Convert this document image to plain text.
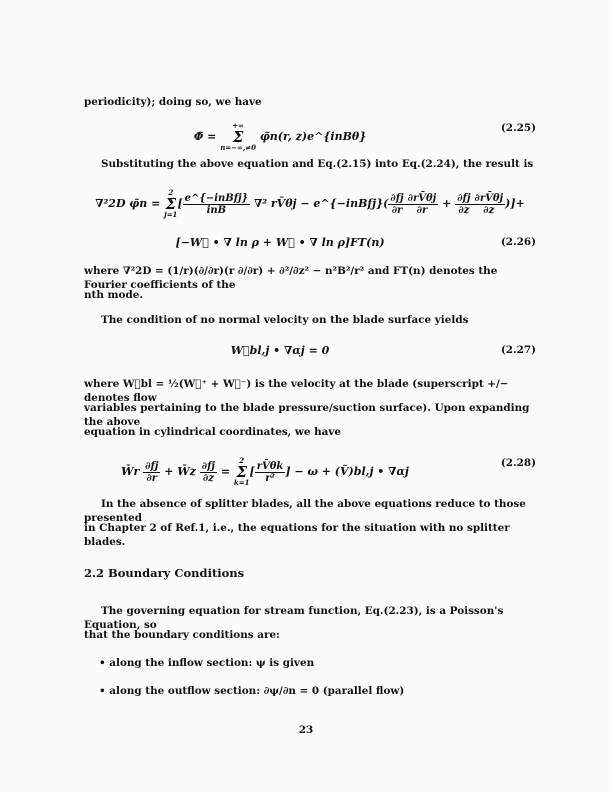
periodicity); doing so, we have

Φ̃ = +∞
Σ
n=−∞,≠0 φ̃n(r, z)e^{inBθ}
(2.25)

Substituting the above equation and Eq.(2.15) into Eq.(2.24), the result is

∇²2D φ̃n = 2
Σ
$j=1[ \frac{\text{e\textasciicircum{}\{−inBfj\}}}{\text{inB}} \nabla^2$ rV̄θj − e^{−inBfj}( $\frac{\partial fj}{\partial r} \frac{\partial rV̄\theta j}{\partial r} + \frac{\partial fj}{\partial z} \frac{\partial rV̄\theta j}{\partial z}$ )]+
[−W⃗ • ∇ ln ρ + W⃗ • ∇ ln ρ]FT(n)	(2.26)

where ∇²2D = (1/r)(∂/∂r)(r ∂/∂r) + ∂²/∂z² − n²B²/r² and FT(n) denotes the Fourier coefficients of the

nth mode.

The condition of no normal velocity on the blade surface yields

W⃗bl,j • ∇αj = 0	(2.27)

where W⃗bl = ½(W⃗⁺ + W⃗⁻) is the velocity at the blade (superscript +/− denotes flow

variables pertaining to the blade pressure/suction surface). Upon expanding the above

equation in cylindrical coordinates, we have

W̄r $\frac{\partial fj}{\partial r}$ + W̄z $\frac{\partial fj}{\partial z} = 2$
Σ
$k=1[ \frac{rV̄\theta k}{\text{r²}}$ ] − ω + (Ṽ)bl,j • ∇αj
(2.28)

In the absence of splitter blades, all the above equations reduce to those presented

in Chapter 2 of Ref.1, i.e., the equations for the situation with no splitter blades.

2.2 Boundary Conditions

The governing equation for stream function, Eq.(2.23), is a Poisson's Equation, so

that the boundary conditions are:

• along the inflow section: ψ is given
• along the outflow section: ∂ψ/∂n = 0 (parallel flow)
23
